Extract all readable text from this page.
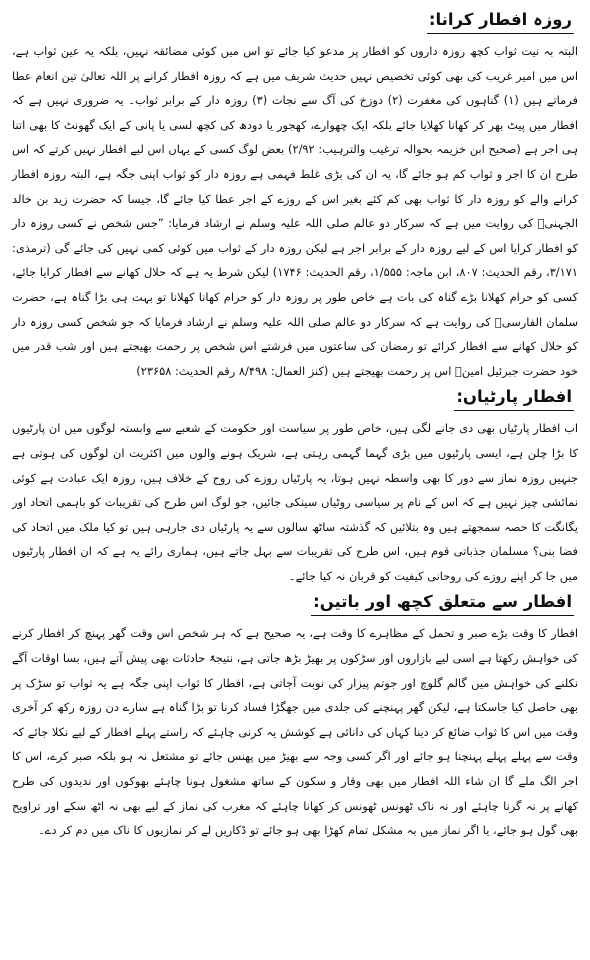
روزہ افطار کرانا:

البتہ بہ نیت ثواب کچھ روزہ داروں کو افطار پر مدعو کیا جائے تو اس میں کوئی مضائقہ نہیں، بلکہ یہ عین ثواب ہے، اس میں امیر غریب کی بھی کوئی تخصیص نہیں حدیث شریف میں ہے کہ روزہ افطار کرانے پر اللہ تعالیٰ تین انعام عطا فرماتے ہیں (۱) گناہوں کی مغفرت (۲) دوزخ کی آگ سے نجات (۳) روزہ دار کے برابر ثواب۔ یہ ضروری نہیں ہے کہ افطار میں پیٹ بھر کر کھانا کھلایا جائے بلکہ ایک چھوارے، کھجور یا دودھ کی کچھ لسی یا پانی کے ایک گھونٹ کا بھی اتنا ہی اجر ہے (صحیح ابن خزیمہ بحوالہ ترغیب والترہیب: ۲/۹۲) بعض لوگ کسی کے یہاں اس لیے افطار نہیں کرتے کہ اس طرح ان کا اجر و ثواب کم ہو جائے گا، یہ ان کی بڑی غلط فہمی ہے روزہ دار کو ثواب اپنی جگہ ہے، البتہ روزہ افطار کرانے والے کو روزہ دار کا ثواب بھی کم کئے بغیر اس کے روزے کے اجر عطا کیا جائے گا، جیسا کہ حضرت زید بن خالد الجہنیؓ کی روایت میں ہے کہ سرکار دو عالم صلی اللہ علیہ وسلم نے ارشاد فرمایا: ”جس شخص نے کسی روزہ دار کو افطار کرایا اس کے لیے روزہ دار کے برابر اجر ہے لیکن روزہ دار کے ثواب میں کوئی کمی نہیں کی جائے گی (ترمذی: ۳/۱۷۱، رقم الحدیث: ۸۰۷، ابن ماجہ: ۱/۵۵۵، رقم الحدیث: ۱۷۴۶) لیکن شرط یہ ہے کہ حلال کھانے سے افطار کرایا جائے، کسی کو حرام کھلانا بڑے گناہ کی بات ہے خاص طور پر روزہ دار کو حرام کھانا کھلانا تو بہت ہی بڑا گناہ ہے، حضرت سلمان الفارسیؓ کی روایت ہے کہ سرکار دو عالم صلی اللہ علیہ وسلم نے ارشاد فرمایا کہ جو شخص کسی روزہ دار کو حلال کھانے سے افطار کرائے تو رمضان کی ساعتوں میں فرشتے اس شخص پر رحمت بھیجتے ہیں اور شب قدر میں خود حضرت جبرئیل امینؑ اس پر رحمت بھیجتے ہیں (کنز العمال: ۸/۴۹۸ رقم الحدیث: ۲۳۶۵۸)

افطار پارٹیاں:

اب افطار پارٹیاں بھی دی جانے لگی ہیں، خاص طور پر سیاست اور حکومت کے شعبے سے وابستہ لوگوں میں ان پارٹیوں کا بڑا چلن ہے، ایسی پارٹیوں میں بڑی گہما گہمی رہتی ہے، شریک ہونے والوں میں اکثریت ان لوگوں کی ہوتی ہے جنہیں روزہ نماز سے دور کا بھی واسطہ نہیں ہوتا، یہ پارٹیاں روزے کی روح کے خلاف ہیں، روزہ ایک عبادت ہے کوئی نمائشی چیز نہیں ہے کہ اس کے نام پر سیاسی روٹیاں سینکی جائیں، جو لوگ اس طرح کی تقریبات کو باہمی اتحاد اور یگانگت کا حصہ سمجھتے ہیں وہ بتلائیں کہ گذشتہ ساٹھ سالوں سے یہ پارٹیاں دی جارہی ہیں تو کیا ملک میں اتحاد کی فضا بنی؟ مسلمان جذباتی قوم ہیں، اس طرح کی تقریبات سے بہل جاتے ہیں، ہماری رائے یہ ہے کہ ان افطار پارٹیوں میں جا کر اپنے روزے کی روحانی کیفیت کو قربان نہ کیا جائے۔

افطار سے متعلق کچھ اور باتیں:

افطار کا وقت بڑے صبر و تحمل کے مظاہرے کا وقت ہے، یہ صحیح ہے کہ ہر شخص اس وقت گھر پہنچ کر افطار کرنے کی خواہش رکھتا ہے اسی لیے بازاروں اور سڑکوں پر بھیڑ بڑھ جاتی ہے، نتیجۃً حادثات بھی پیش آتے ہیں، بسا اوقات آگے نکلنے کی خواہش میں گالم گلوچ اور جوتم پیزار کی نوبت آجاتی ہے، افطار کا ثواب اپنی جگہ ہے یہ ثواب تو سڑک پر بھی حاصل کیا جاسکتا ہے، لیکن گھر پہنچنے کی جلدی میں جھگڑا فساد کرنا تو بڑا گناہ ہے سارے دن روزہ رکھ کر آخری وقت میں اس کا ثواب ضائع کر دینا کہاں کی دانائی ہے کوشش یہ کرنی چاہئے کہ راستے پہلے افطار کے لیے نکلا جائے کہ وقت سے پہلے پہلے پہنچنا ہو جائے اور اگر کسی وجہ سے بھیڑ میں پھنس جائے تو مشتعل نہ ہو بلکہ صبر کرے، اس کا اجر الگ ملے گا ان شاء اللہ افطار میں بھی وقار و سکون کے ساتھ مشغول ہونا چاہئے بھوکوں اور ندیدوں کی طرح کھانے پر نہ گرنا چاہئے اور نہ ناک ٹھونس ٹھونس کر کھانا چاہئے کہ مغرب کی نماز کے لیے بھی نہ اٹھ سکے اور تراویح بھی گول ہو جائے، یا اگر نماز میں بہ مشکل تمام کھڑا بھی ہو جائے تو ڈکاریں لے کر نمازیوں کا ناک میں دم کر دے۔
